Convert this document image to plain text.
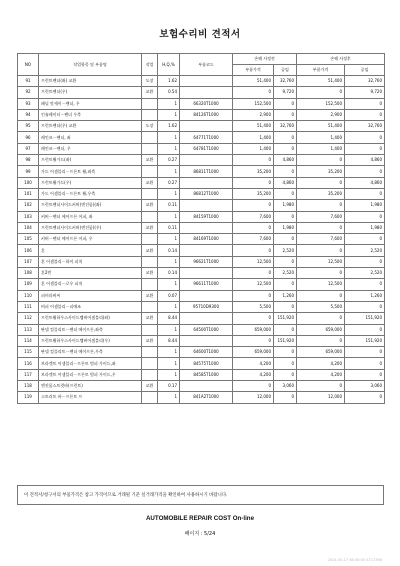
보험수리비 견적서
NO	작업항목 및 부품명	작업	H,Q,%	부품코드	손해 사정전		손해 사정후	
					부품가격	공임	부품가격	공임
91	프런트펜더(좌) 교환	도장	1.62		51,400	32,760	51,400	32,760
92	프런트펜더(우)	교환	0.54		0	9,720	0	9,720
93	패널 앗세이－펜더, 우		1	66320T1000	152,500	0	152,500	0
94	인슐레이터－펜더 우측		1	84126T1000	2,900	0	2,900	0
95	프런트펜더(우) 교환	도장	1.62		51,400	32,760	51,400	32,760
96	레인즈－펜더, 좌		1	64771T1000	1,400	0	1,400	0
97	레인즈－펜더, 우		1	64781T1000	1,400	0	1,400	0
98	프런트휠가드(좌)	교환	0.27		0	4,860	0	4,860
99	가드 어셈블리－프론트 휠,좌측		1	86811T1000	35,200	0	35,200	0
100	프런트휠가드(우)	교환	0.27		0	4,860	0	4,860
101	가드 어셈블리－프론트 휠,우측		1	86812T1000	35,200	0	35,200	0
102	프런트펜더사이드커버(앤진룸)(좌)	교환	0.11		0	1,980	0	1,980
103	커버－펜더 에어프론 어퍼, 좌		1	84159T1000	7,600	0	7,600	0
104	프런트펜더사이드커버(앤진룸)(우)	교환	0.11		0	1,980	0	1,980
105	커버－펜더 에어프론 어퍼, 우		1	84169T1000	7,600	0	7,600	0
106	혼	교환	0.14		0	2,520	0	2,520
107	혼 어셈블리－하이 피치		1	96621T1000	12,500	0	12,500	0
108	혼2번	교환	0.14		0	2,520	0	2,520
109	혼 어셈블리－로우 피치		1	96611T1000	12,500	0	12,500	0
110	퍼머라버씨	교환	0.07		0	1,260	0	1,260
111	버퍼 어셈블리－피에조		1	95710D9300	5,500	0	5,500	0
112	프런트휠하우스사이드멤버어셈블리(좌)	교환	8.44		0	151,920	0	151,920
113	판넬 컴플리트－펜더 에이프론,좌측		1	64500T1000	659,000	0	659,000	0
114	프런트휠하우스사이드멤버어셈블리(우)	교환	8.44		0	151,920	0	151,920
115	판넬 컴플리트－펜더 에이프론,우측		1	64600T1000	659,000	0	659,000	0
116	브라켓트 어셈블리－프론트 범퍼 가이드,좌		1	84575T1000	4,200	0	4,200	0
117	브라켓트 어셈블리－프론트 범퍼 가이드,우		1	84585T1000	4,200	0	4,200	0
118	앤진룸스트럿바(프런트)	교환	0.17		0	3,060	0	3,060
119	스트러트 바－프론트 프		1	841A2T1000	12,000	0	12,000	0
이 견적서/청구서의 부품가격은 참고 가격이므로 거래될 기준 실거래가격을 확인하여 사용하시기 바랍니다.
AUTOMOBILE REPAIR COST On-line
페이지 : 5/24
2024-00-17 08:00:00 A7C2366
